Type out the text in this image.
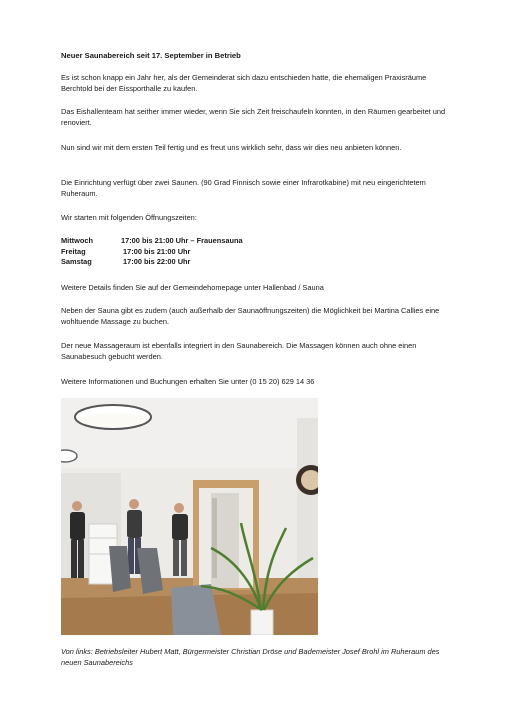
Neuer Saunabereich seit 17. September in Betrieb
Es ist schon knapp ein Jahr her, als der Gemeinderat sich dazu entschieden hatte, die ehemaligen Praxisräume Berchtold bei der Eissporthalle zu kaufen.
Das Eishallenteam hat seither immer wieder, wenn Sie sich Zeit freischaufeln konnten, in den Räumen gearbeitet und renoviert.
Nun sind wir mit dem ersten Teil fertig und es freut uns wirklich sehr, dass wir dies neu anbieten können.
Die Einrichtung verfügt über zwei Saunen. (90 Grad Finnisch sowie einer Infrarotkabine) mit neu eingerichtetem Ruheraum.
Wir starten mit folgenden Öffnungszeiten:
Mittwoch	17:00 bis 21:00 Uhr – Frauensauna
Freitag	17:00 bis 21:00 Uhr
Samstag	17:00 bis 22:00 Uhr
Weitere Details finden Sie auf der Gemeindehomepage unter Hallenbad / Sauna
Neben der Sauna gibt es zudem (auch außerhalb der Saunaöffnungszeiten) die Möglichkeit bei Martina Callies eine wohltuende Massage zu buchen.
Der neue Massageraum ist ebenfalls integriert in den Saunabereich. Die Massagen können auch ohne einen Saunabesuch gebucht werden.
Weitere Informationen und Buchungen erhalten Sie unter (0 15 20) 629 14 36
Von links: Betriebsleiter Hubert Matt, Bürgermeister Christian Dröse und Bademeister Josef Brohl im Ruheraum des neuen Saunabereichs
